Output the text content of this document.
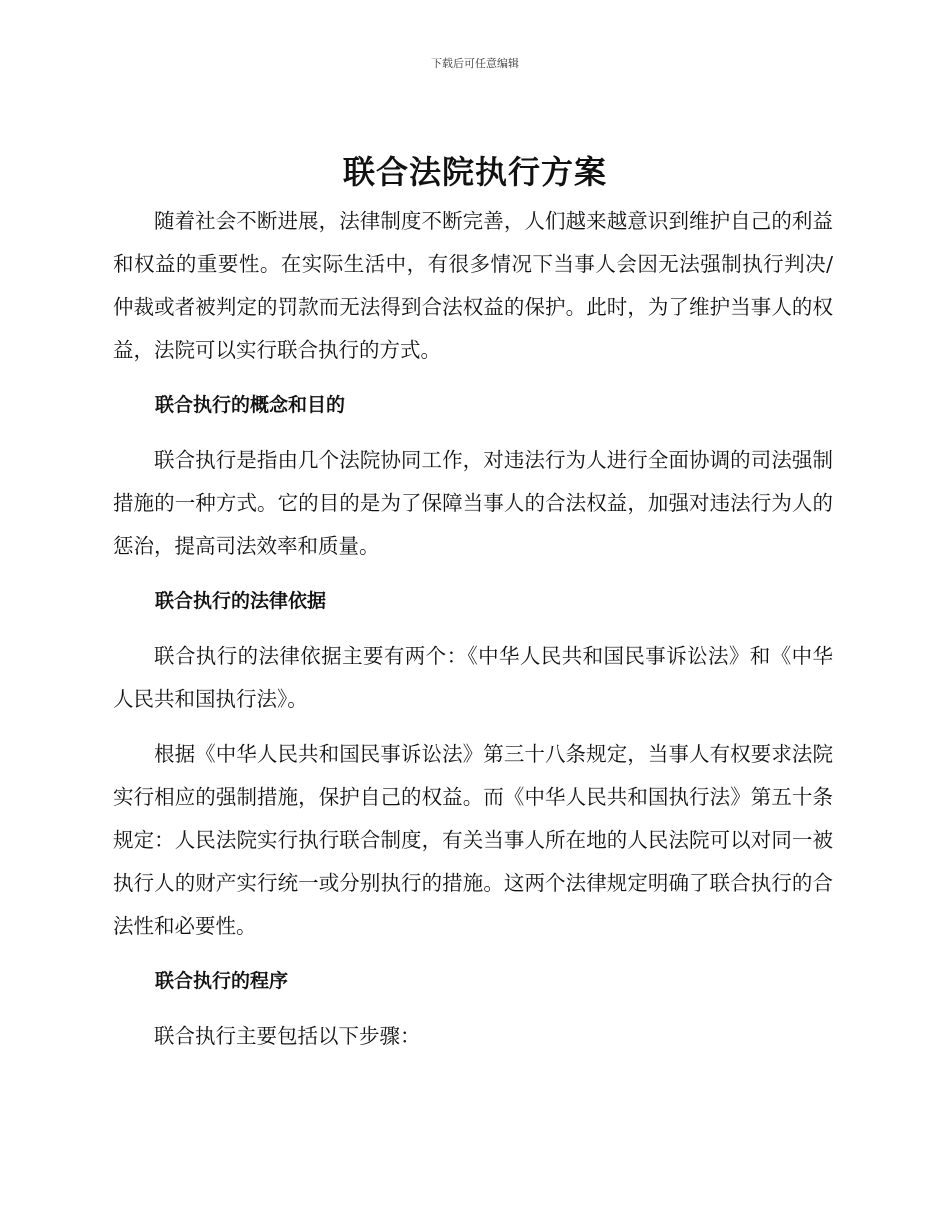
下载后可任意编辑
联合法院执行方案

随着社会不断进展，法律制度不断完善，人们越来越意识到维护自己的利益和权益的重要性。在实际生活中，有很多情况下当事人会因无法强制执行判决/仲裁或者被判定的罚款而无法得到合法权益的保护。此时，为了维护当事人的权益，法院可以实行联合执行的方式。

联合执行的概念和目的

联合执行是指由几个法院协同工作，对违法行为人进行全面协调的司法强制措施的一种方式。它的目的是为了保障当事人的合法权益，加强对违法行为人的惩治，提高司法效率和质量。

联合执行的法律依据

联合执行的法律依据主要有两个：《中华人民共和国民事诉讼法》和《中华人民共和国执行法》。

根据《中华人民共和国民事诉讼法》第三十八条规定，当事人有权要求法院实行相应的强制措施，保护自己的权益。而《中华人民共和国执行法》第五十条规定：人民法院实行执行联合制度，有关当事人所在地的人民法院可以对同一被执行人的财产实行统一或分别执行的措施。这两个法律规定明确了联合执行的合法性和必要性。

联合执行的程序

联合执行主要包括以下步骤：
